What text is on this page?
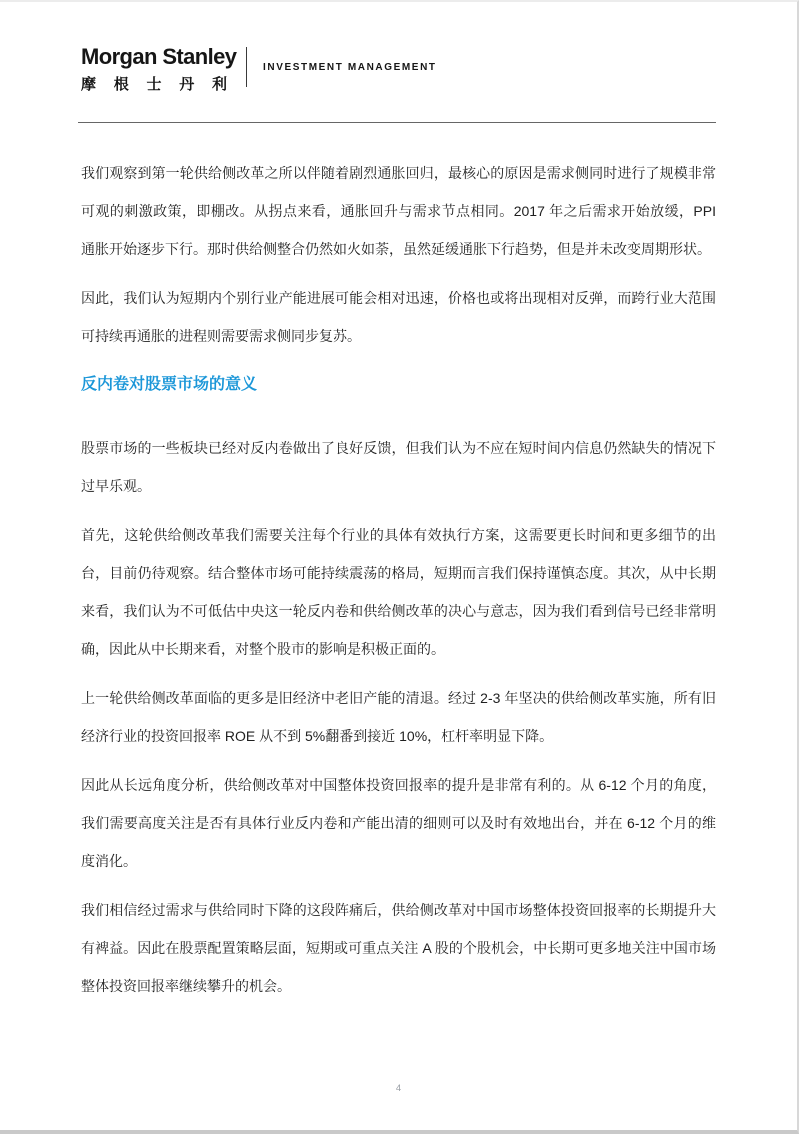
Morgan Stanley
摩根士丹利
INVESTMENT MANAGEMENT

我们观察到第一轮供给侧改革之所以伴随着剧烈通胀回归，最核心的原因是需求侧同时进行了规模非常可观的刺激政策，即棚改。从拐点来看，通胀回升与需求节点相同。2017 年之后需求开始放缓，PPI 通胀开始逐步下行。那时供给侧整合仍然如火如荼，虽然延缓通胀下行趋势，但是并未改变周期形状。

因此，我们认为短期内个别行业产能进展可能会相对迅速，价格也或将出现相对反弹，而跨行业大范围可持续再通胀的进程则需要需求侧同步复苏。

反内卷对股票市场的意义

股票市场的一些板块已经对反内卷做出了良好反馈，但我们认为不应在短时间内信息仍然缺失的情况下过早乐观。

首先，这轮供给侧改革我们需要关注每个行业的具体有效执行方案，这需要更长时间和更多细节的出台，目前仍待观察。结合整体市场可能持续震荡的格局，短期而言我们保持谨慎态度。其次，从中长期来看，我们认为不可低估中央这一轮反内卷和供给侧改革的决心与意志，因为我们看到信号已经非常明确，因此从中长期来看，对整个股市的影响是积极正面的。

上一轮供给侧改革面临的更多是旧经济中老旧产能的清退。经过 2-3 年坚决的供给侧改革实施，所有旧经济行业的投资回报率 ROE 从不到 5%翻番到接近 10%，杠杆率明显下降。

因此从长远角度分析，供给侧改革对中国整体投资回报率的提升是非常有利的。从 6-12 个月的角度，我们需要高度关注是否有具体行业反内卷和产能出清的细则可以及时有效地出台，并在 6-12 个月的维度消化。

我们相信经过需求与供给同时下降的这段阵痛后，供给侧改革对中国市场整体投资回报率的长期提升大有裨益。因此在股票配置策略层面，短期或可重点关注 A 股的个股机会，中长期可更多地关注中国市场整体投资回报率继续攀升的机会。

4
